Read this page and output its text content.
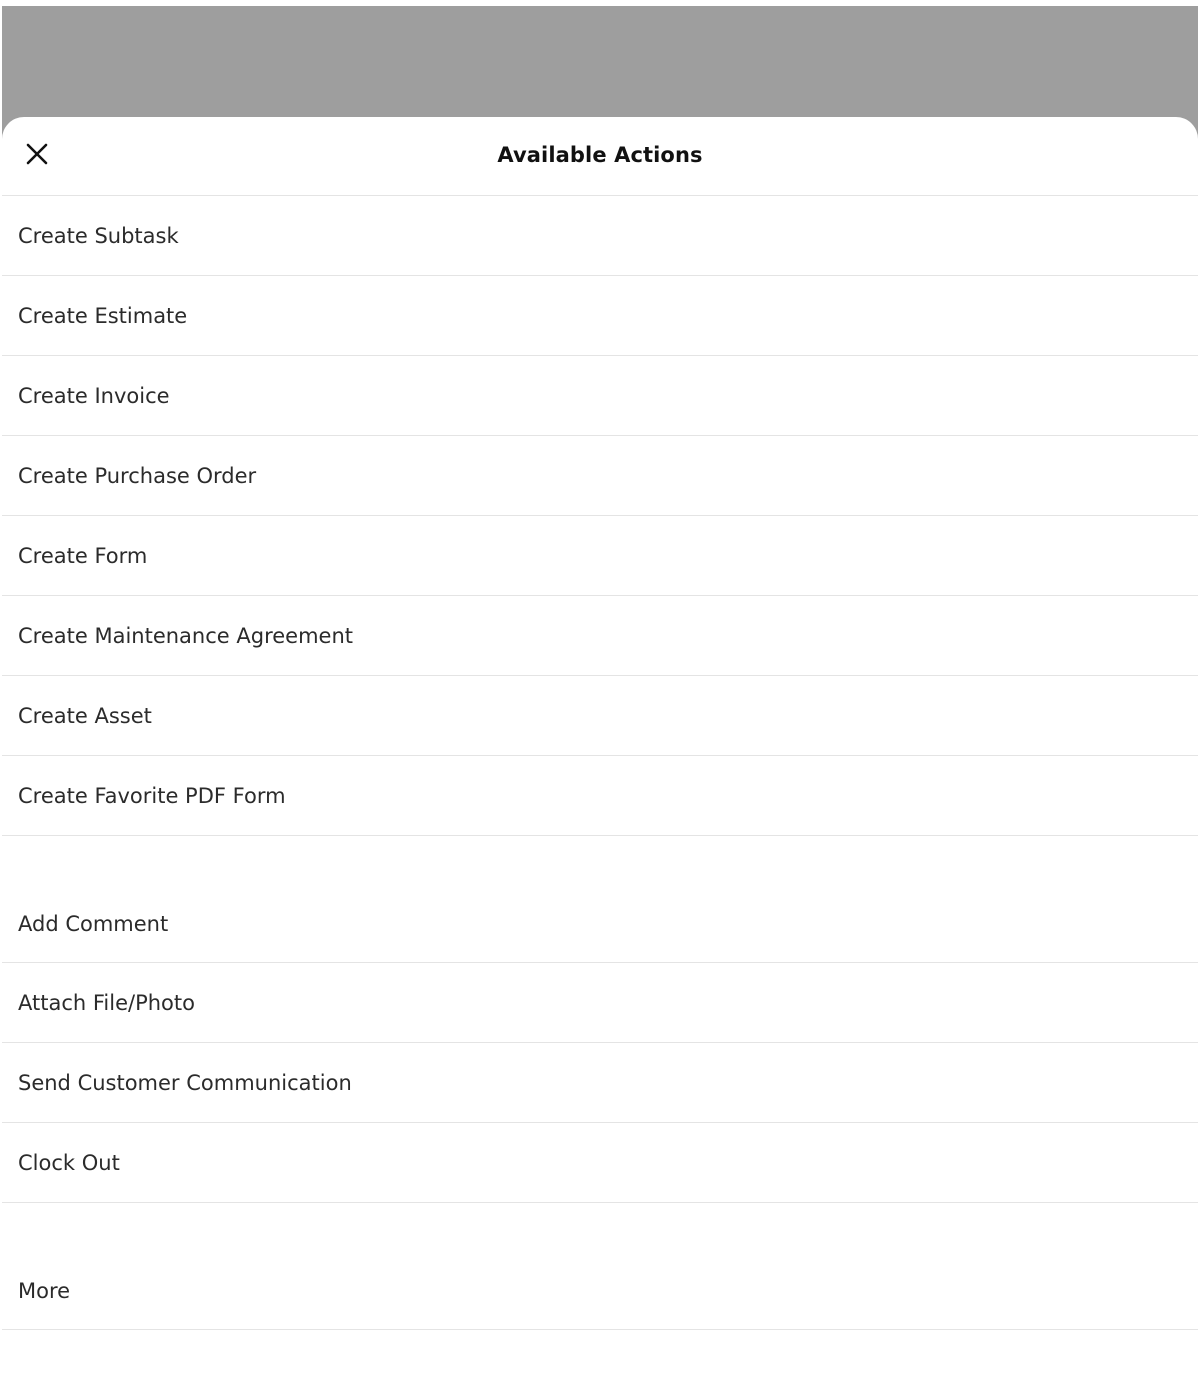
Available Actions
Create Subtask
Create Estimate
Create Invoice
Create Purchase Order
Create Form
Create Maintenance Agreement
Create Asset
Create Favorite PDF Form
Add Comment
Attach File/Photo
Send Customer Communication
Clock Out
More
